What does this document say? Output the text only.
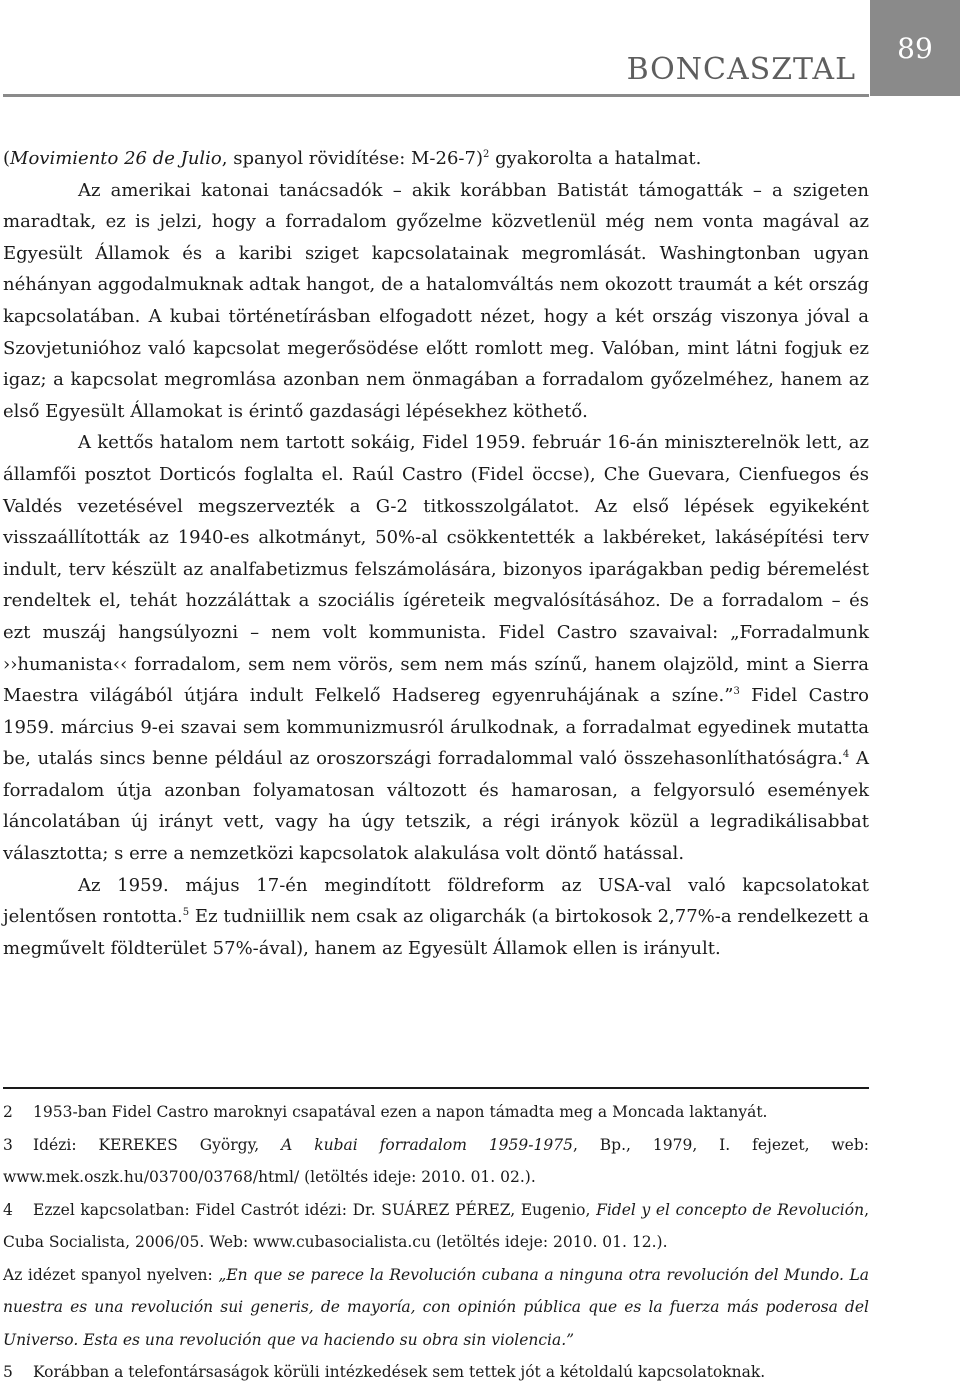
BONCASZTAL
89

(Movimiento 26 de Julio, spanyol rövidítése: M-26-7)$^2$ gyakorolta a hatalmat.

Az amerikai katonai tanácsadók – akik korábban Batistát támogatták – a szigeten maradtak, ez is jelzi, hogy a forradalom győzelme közvetlenül még nem vonta magával az Egyesült Államok és a karibi sziget kapcsolatainak megromlását. Washingtonban ugyan néhányan aggodalmuknak adtak hangot, de a hatalomváltás nem okozott traumát a két ország kapcsolatában. A kubai történetírásban elfogadott nézet, hogy a két ország viszonya jóval a Szovjetunióhoz való kapcsolat megerősödése előtt romlott meg. Valóban, mint látni fogjuk ez igaz; a kapcsolat megromlása azonban nem önmagában a forradalom győzelméhez, hanem az első Egyesült Államokat is érintő gazdasági lépésekhez köthető.

A kettős hatalom nem tartott sokáig, Fidel 1959. február 16-án miniszterelnök lett, az államfői posztot Dorticós foglalta el. Raúl Castro (Fidel öccse), Che Guevara, Cienfuegos és Valdés vezetésével megszervezték a G-2 titkosszolgálatot. Az első lépések egyikeként visszaállították az 1940-es alkotmányt, 50%-al csökkentették a lakbéreket, lakásépítési terv indult, terv készült az analfabetizmus felszámolására, bizonyos iparágakban pedig béremelést rendeltek el, tehát hozzáláttak a szociális ígéreteik megvalósításához. De a forradalom – és ezt muszáj hangsúlyozni – nem volt kommunista. Fidel Castro szavaival: „Forradalmunk ››humanista‹‹ forradalom, sem nem vörös, sem nem más színű, hanem olajzöld, mint a Sierra Maestra világából útjára indult Felkelő Hadsereg egyenruhájának a színe.”$^3$ Fidel Castro 1959. március 9-ei szavai sem kommunizmusról árulkodnak, a forradalmat egyedinek mutatta be, utalás sincs benne például az oroszországi forradalommal való összehasonlíthatóságra.$^4$ A forradalom útja azonban folyamatosan változott és hamarosan, a felgyorsuló események láncolatában új irányt vett, vagy ha úgy tetszik, a régi irányok közül a legradikálisabbat választotta; s erre a nemzetközi kapcsolatok alakulása volt döntő hatással.

Az 1959. május 17-én megindított földreform az USA-val való kapcsolatokat jelentősen rontotta.$^5$ Ez tudniillik nem csak az oligarchák (a birtokosok 2,77%-a rendelkezett a megművelt földterület 57%-ával), hanem az Egyesült Államok ellen is irányult.

2 1953-ban Fidel Castro maroknyi csapatával ezen a napon támadta meg a Moncada laktanyát.

3 Idézi: KEREKES György, A kubai forradalom 1959-1975, Bp., 1979, I. fejezet, web: www.mek.oszk.hu/03700/03768/html/ (letöltés ideje: 2010. 01. 02.).

4 Ezzel kapcsolatban: Fidel Castrót idézi: Dr. SUÁREZ PÉREZ, Eugenio, Fidel y el concepto de Revolución, Cuba Socialista, 2006/05. Web: www.cubasocialista.cu (letöltés ideje: 2010. 01. 12.).

Az idézet spanyol nyelven: „En que se parece la Revolución cubana a ninguna otra revolución del Mundo. La nuestra es una revolución sui generis, de mayoría, con opinión pública que es la fuerza más poderosa del Universo. Esta es una revolución que va haciendo su obra sin violencia.”

5 Korábban a telefontársaságok körüli intézkedések sem tettek jót a kétoldalú kapcsolatoknak.
